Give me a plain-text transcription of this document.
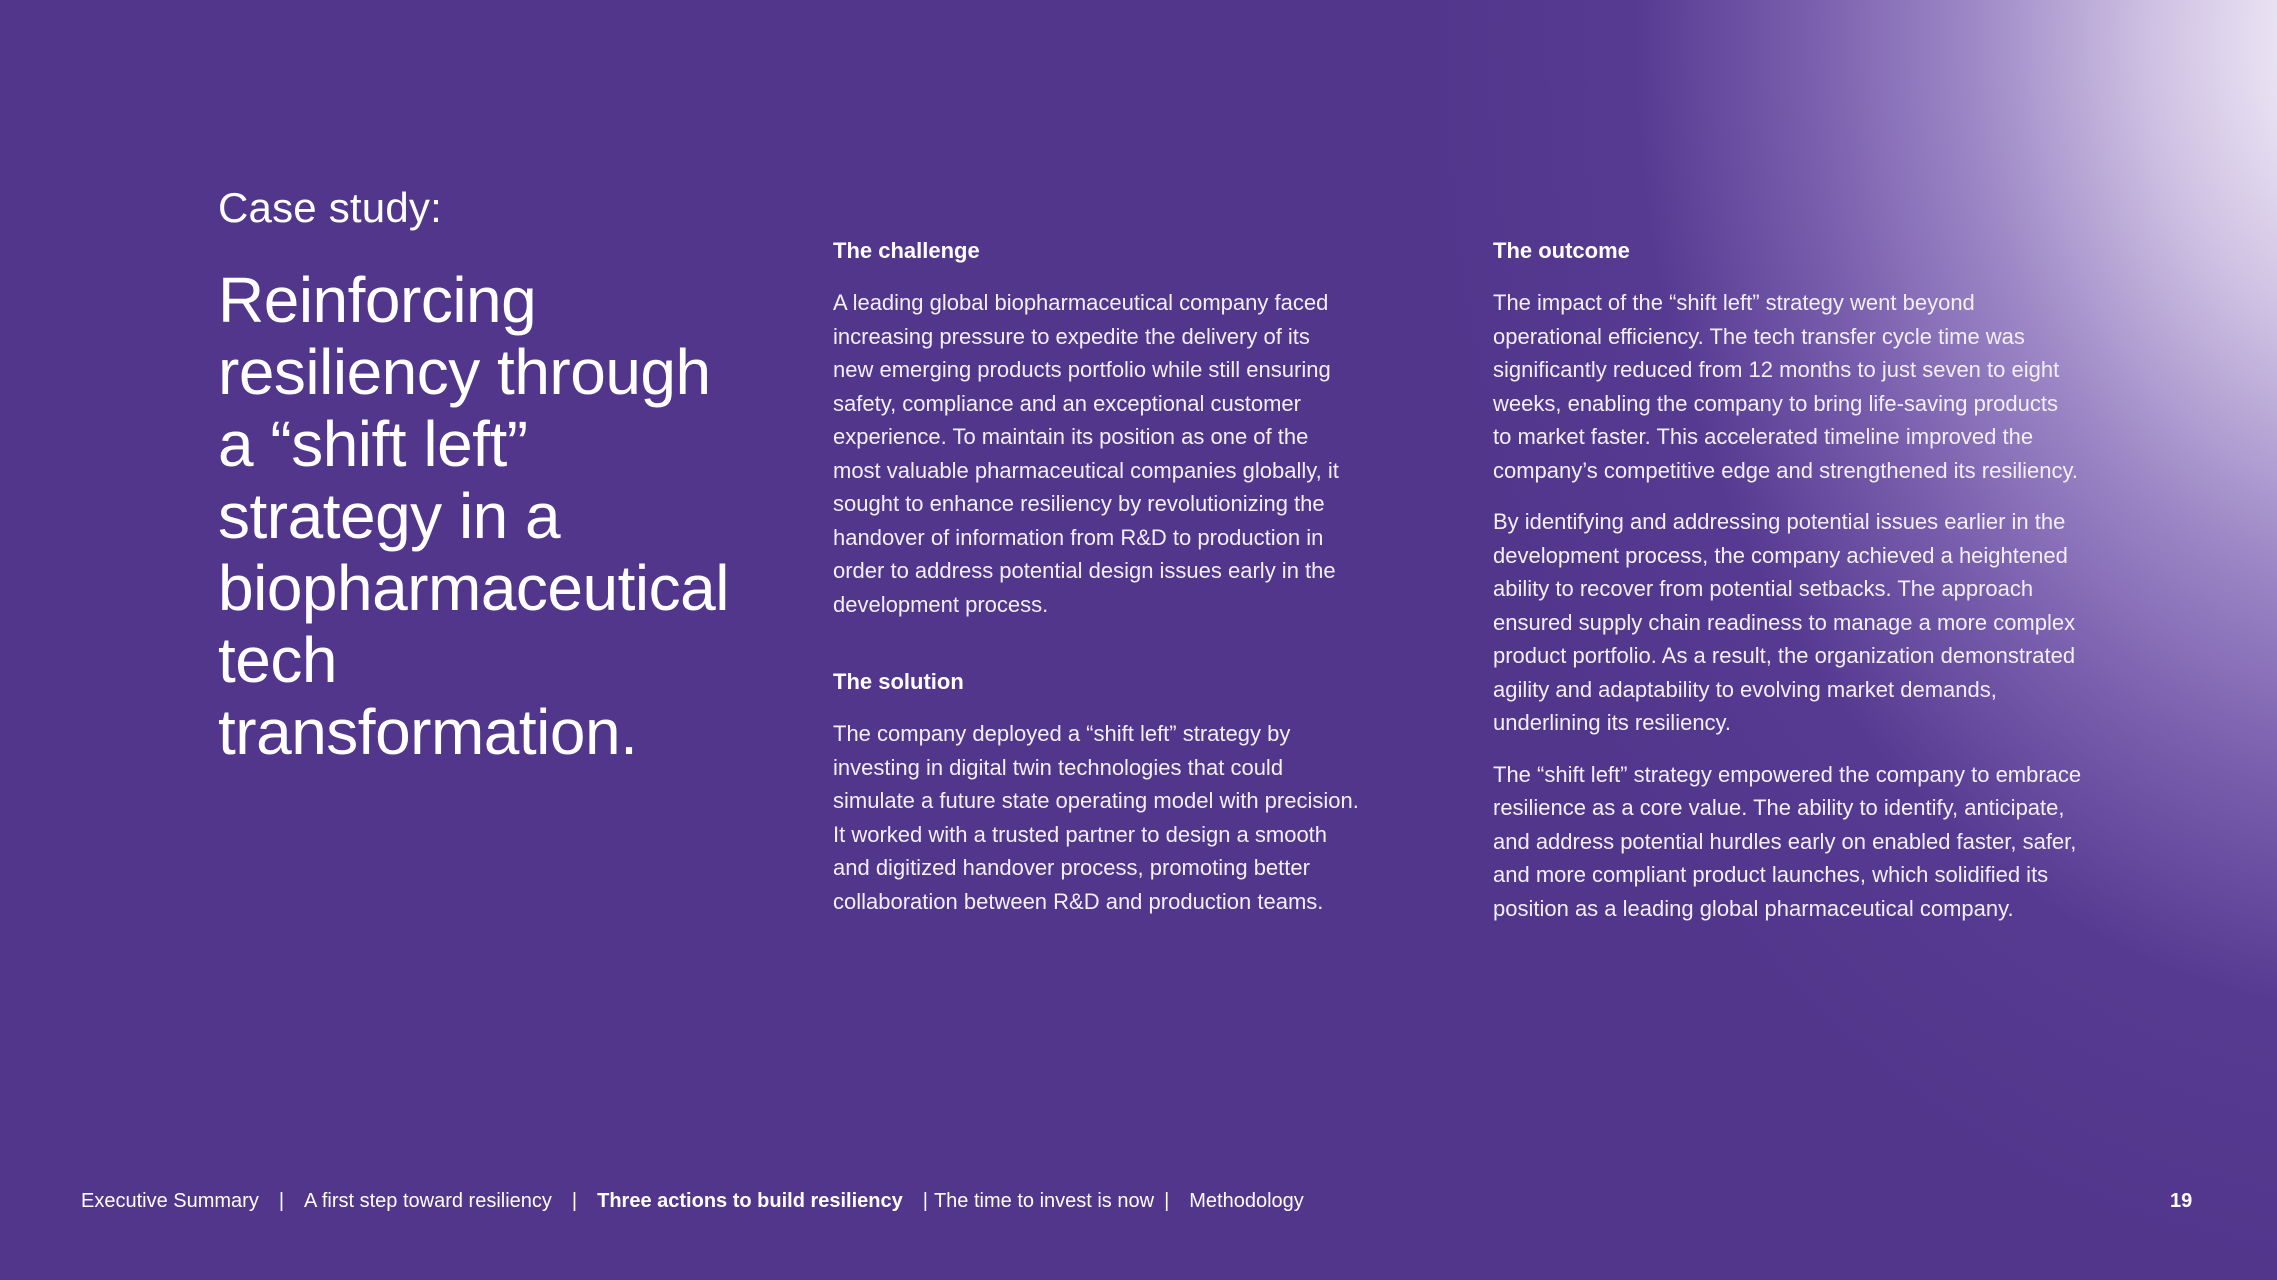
Case study:
Reinforcing
resiliency through
a “shift left”
strategy in a
biopharmaceutical
tech
transformation.
The challenge

A leading global biopharmaceutical company faced
increasing pressure to expedite the delivery of its
new emerging products portfolio while still ensuring
safety, compliance and an exceptional customer
experience. To maintain its position as one of the
most valuable pharmaceutical companies globally, it
sought to enhance resiliency by revolutionizing the
handover of information from R&D to production in
order to address potential design issues early in the
development process.

The solution

The company deployed a “shift left” strategy by
investing in digital twin technologies that could
simulate a future state operating model with precision.
It worked with a trusted partner to design a smooth
and digitized handover process, promoting better
collaboration between R&D and production teams.

The outcome

The impact of the “shift left” strategy went beyond
operational efficiency. The tech transfer cycle time was
significantly reduced from 12 months to just seven to eight
weeks, enabling the company to bring life-saving products
to market faster. This accelerated timeline improved the
company’s competitive edge and strengthened its resiliency.

By identifying and addressing potential issues earlier in the
development process, the company achieved a heightened
ability to recover from potential setbacks. The approach
ensured supply chain readiness to manage a more complex
product portfolio. As a result, the organization demonstrated
agility and adaptability to evolving market demands,
underlining its resiliency.

The “shift left” strategy empowered the company to embrace
resilience as a core value. The ability to identify, anticipate,
and address potential hurdles early on enabled faster, safer,
and more compliant product launches, which solidified its
position as a leading global pharmaceutical company.

Executive Summary	|	A first step toward resiliency	|	Three actions to build resiliency	| The time to invest is now |	Methodology	19
